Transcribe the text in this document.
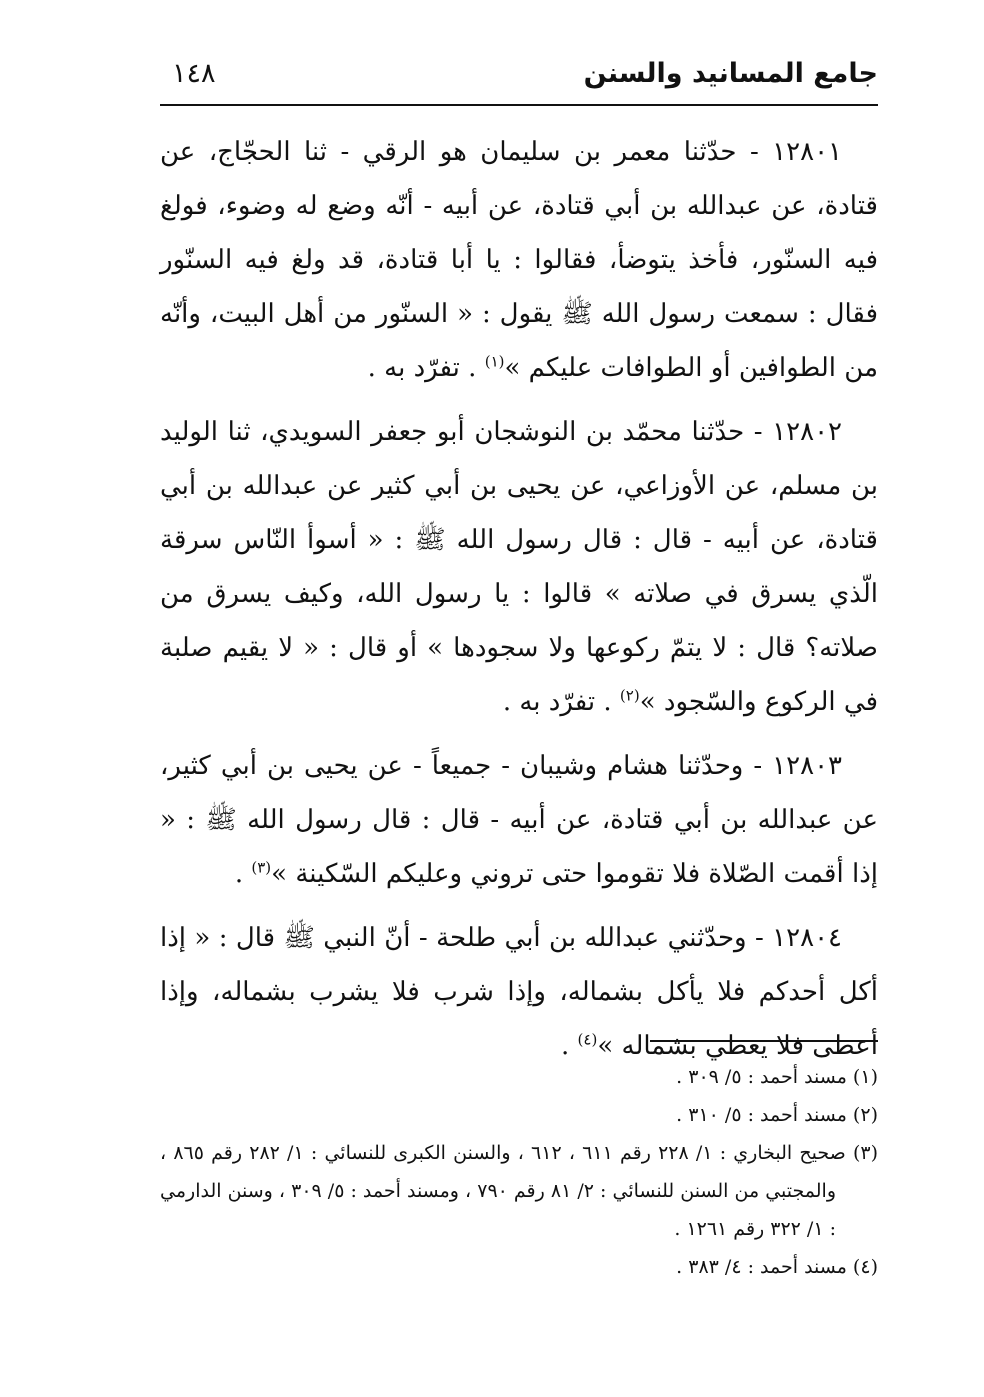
جامع المسانيد والسنن
١٤٨

١٢٨٠١ - حدّثنا معمر بن سليمان هو الرقي - ثنا الحجّاج، عن قتادة، عن عبدالله بن أبي قتادة، عن أبيه - أنّه وضع له وضوء، فولغ فيه السنّور، فأخذ يتوضأ، فقالوا : يا أبا قتادة، قد ولغ فيه السنّور فقال : سمعت رسول الله ﷺ يقول : « السنّور من أهل البيت، وأنّه من الطوافين أو الطوافات عليكم »$^{(١)}$ . تفرّد به .

١٢٨٠٢ - حدّثنا محمّد بن النوشجان أبو جعفر السويدي، ثنا الوليد بن مسلم، عن الأوزاعي، عن يحيى بن أبي كثير عن عبدالله بن أبي قتادة، عن أبيه - قال : قال رسول الله ﷺ : « أسوأ النّاس سرقة الّذي يسرق في صلاته » قالوا : يا رسول الله، وكيف يسرق من صلاته؟ قال : لا يتمّ ركوعها ولا سجودها » أو قال : « لا يقيم صلبة في الركوع والسّجود »$^{(٢)}$ . تفرّد به .

١٢٨٠٣ - وحدّثنا هشام وشيبان - جميعاً - عن يحيى بن أبي كثير، عن عبدالله بن أبي قتادة، عن أبيه - قال : قال رسول الله ﷺ : « إذا أقمت الصّلاة فلا تقوموا حتى تروني وعليكم السّكينة »$^{(٣)}$ .

١٢٨٠٤ - وحدّثني عبدالله بن أبي طلحة - أنّ النبي ﷺ قال : « إذا أكل أحدكم فلا يأكل بشماله، وإذا شرب فلا يشرب بشماله، وإذا أعطى فلا يعطي بشماله »$^{(٤)}$ .

(١) مسند أحمد : ٥/ ٣٠٩ .

(٢) مسند أحمد : ٥/ ٣١٠ .

(٣) صحيح البخاري : ١/ ٢٢٨ رقم ٦١١ ، ٦١٢ ، والسنن الكبرى للنسائي : ١/ ٢٨٢ رقم ٨٦٥ ، والمجتبي من السنن للنسائي : ٢/ ٨١ رقم ٧٩٠ ، ومسند أحمد : ٥/ ٣٠٩ ، وسنن الدارمي : ١/ ٣٢٢ رقم ١٢٦١ .

(٤) مسند أحمد : ٤/ ٣٨٣ .
